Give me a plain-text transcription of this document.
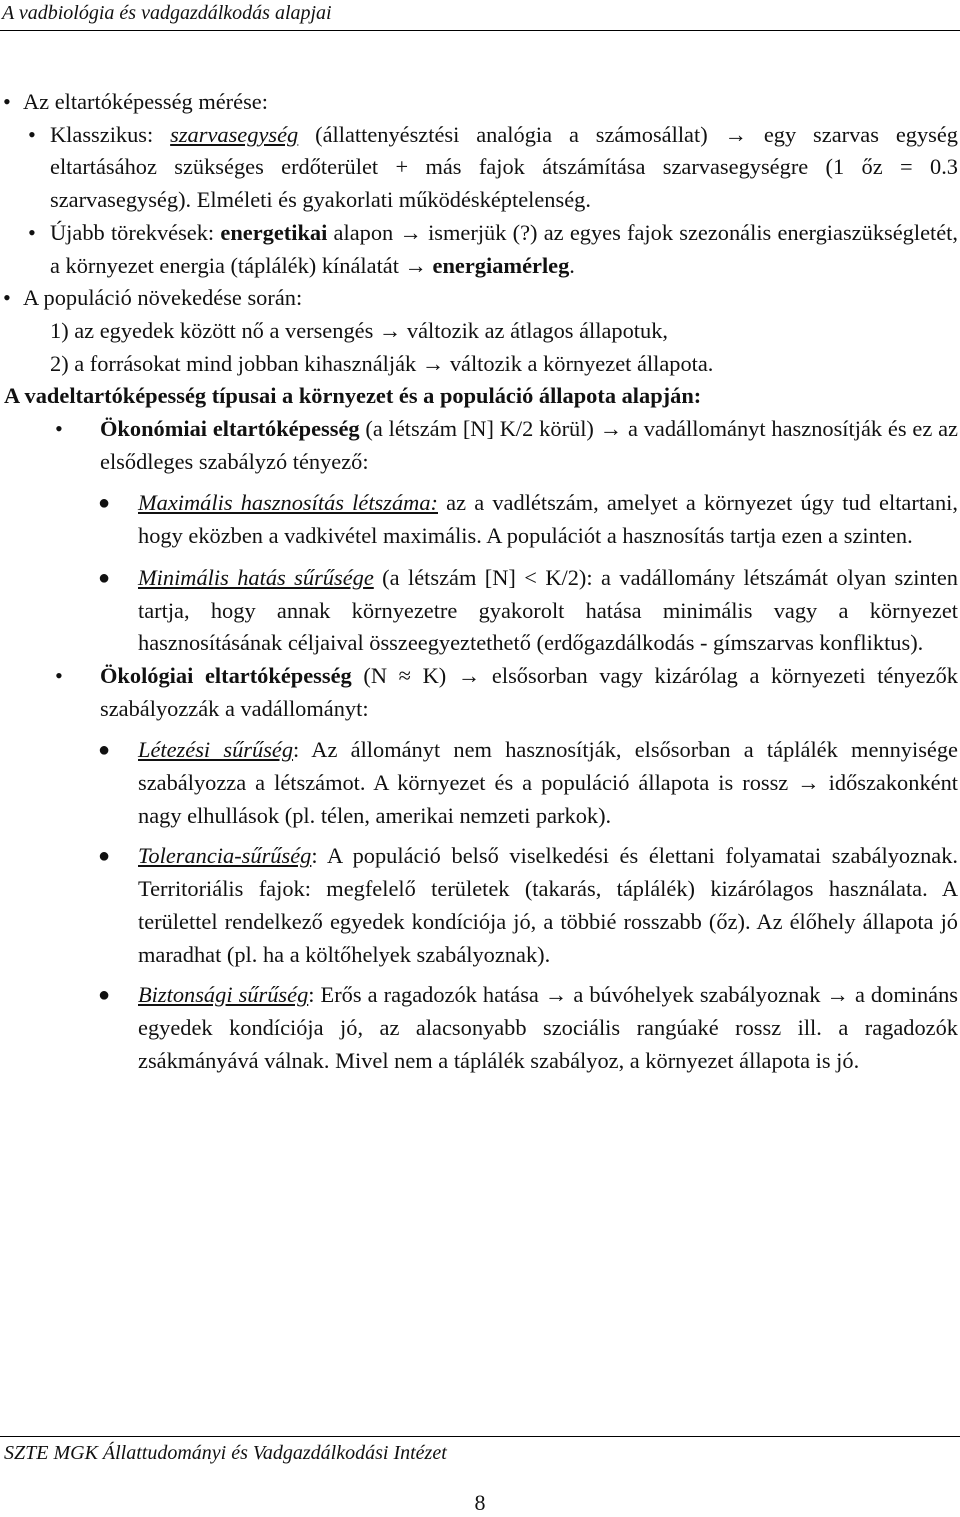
A vadbiológia és vadgazdálkodás alapjai
• Az eltartóképesség mérése:
• Klasszikus: szarvasegység (állattenyésztési analógia a számosállat) → egy szarvas egység eltartásához szükséges erdőterület + más fajok átszámítása szarvasegységre (1 őz = 0.3 szarvasegység). Elméleti és gyakorlati működésképtelenség.
• Újabb törekvések: energetikai alapon → ismerjük (?) az egyes fajok szezonális energiaszükségletét, a környezet energia (táplálék) kínálatát → energiamérleg.
• A populáció növekedése során:
1) az egyedek között nő a versengés → változik az átlagos állapotuk,
2) a forrásokat mind jobban kihasználják → változik a környezet állapota.
A vadeltartóképesség típusai a környezet és a populáció állapota alapján:
• Ökonómiai eltartóképesség (a létszám [N] K/2 körül) → a vadállományt hasznosítják és ez az elsődleges szabályzó tényező:
● Maximális hasznosítás létszáma: az a vadlétszám, amelyet a környezet úgy tud eltartani, hogy eközben a vadkivétel maximális. A populációt a hasznosítás tartja ezen a szinten.
● Minimális hatás sűrűsége (a létszám [N] < K/2): a vadállomány létszámát olyan szinten tartja, hogy annak környezetre gyakorolt hatása minimális vagy a környezet hasznosításának céljaival összeegyeztethető (erdőgazdálkodás - gímszarvas konfliktus).
• Ökológiai eltartóképesség (N ≈ K) → elsősorban vagy kizárólag a környezeti tényezők szabályozzák a vadállományt:
● Létezési sűrűség: Az állományt nem hasznosítják, elsősorban a táplálék mennyisége szabályozza a létszámot. A környezet és a populáció állapota is rossz → időszakonként nagy elhullások (pl. télen, amerikai nemzeti parkok).
● Tolerancia-sűrűség: A populáció belső viselkedési és élettani folyamatai szabályoznak. Territoriális fajok: megfelelő területek (takarás, táplálék) kizárólagos használata. A területtel rendelkező egyedek kondíciója jó, a többié rosszabb (őz). Az élőhely állapota jó maradhat (pl. ha a költőhelyek szabályoznak).
● Biztonsági sűrűség: Erős a ragadozók hatása → a búvóhelyek szabályoznak → a domináns egyedek kondíciója jó, az alacsonyabb szociális rangúaké rossz ill. a ragadozók zsákmányává válnak. Mivel nem a táplálék szabályoz, a környezet állapota is jó.
SZTE MGK Állattudományi és Vadgazdálkodási Intézet
8
